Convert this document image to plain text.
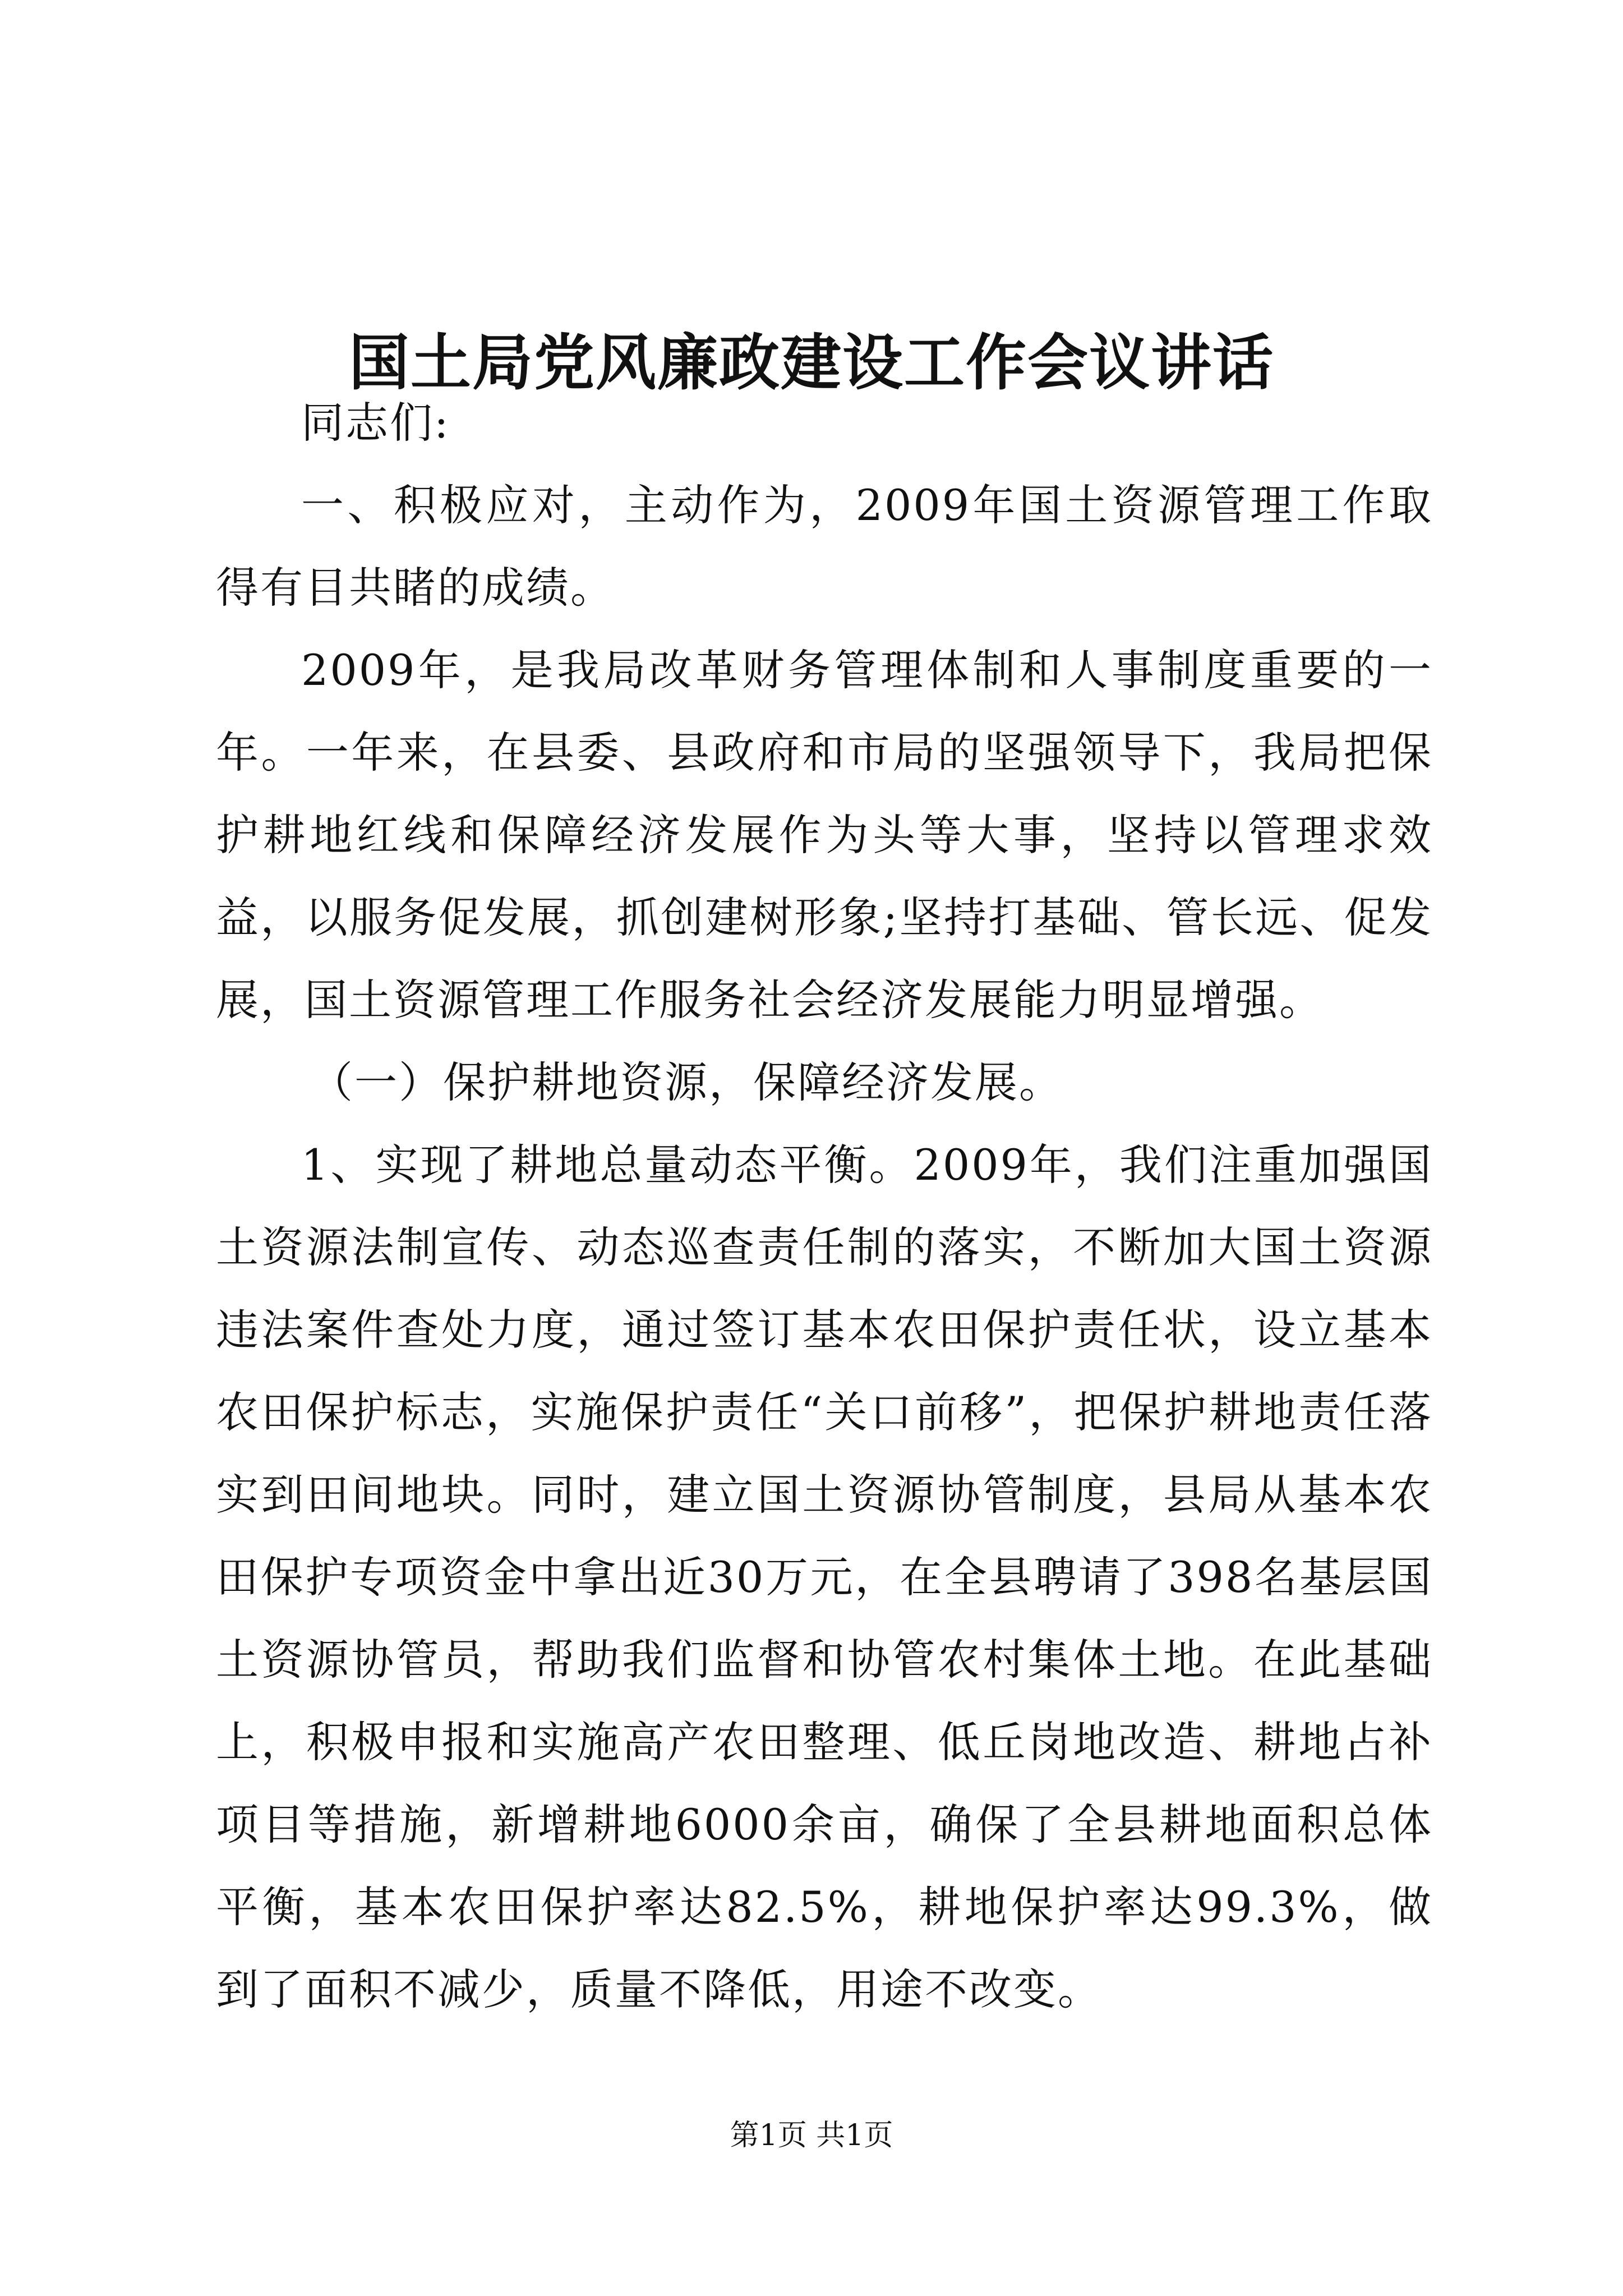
国土局党风廉政建设工作会议讲话

同志们:

一、积极应对，主动作为，2009年国土资源管理工作取得有目共睹的成绩。

2009年，是我局改革财务管理体制和人事制度重要的一年。一年来，在县委、县政府和市局的坚强领导下，我局把保护耕地红线和保障经济发展作为头等大事，坚持以管理求效益，以服务促发展，抓创建树形象;坚持打基础、管长远、促发展，国土资源管理工作服务社会经济发展能力明显增强。

（一）保护耕地资源，保障经济发展。

1、实现了耕地总量动态平衡。2009年，我们注重加强国土资源法制宣传、动态巡查责任制的落实，不断加大国土资源违法案件查处力度，通过签订基本农田保护责任状，设立基本农田保护标志，实施保护责任“关口前移”，把保护耕地责任落实到田间地块。同时，建立国土资源协管制度，县局从基本农田保护专项资金中拿出近30万元，在全县聘请了398名基层国土资源协管员，帮助我们监督和协管农村集体土地。在此基础上，积极申报和实施高产农田整理、低丘岗地改造、耕地占补项目等措施，新增耕地6000余亩，确保了全县耕地面积总体平衡，基本农田保护率达82.5%，耕地保护率达99.3%，做到了面积不减少，质量不降低，用途不改变。

第1页 共1页
